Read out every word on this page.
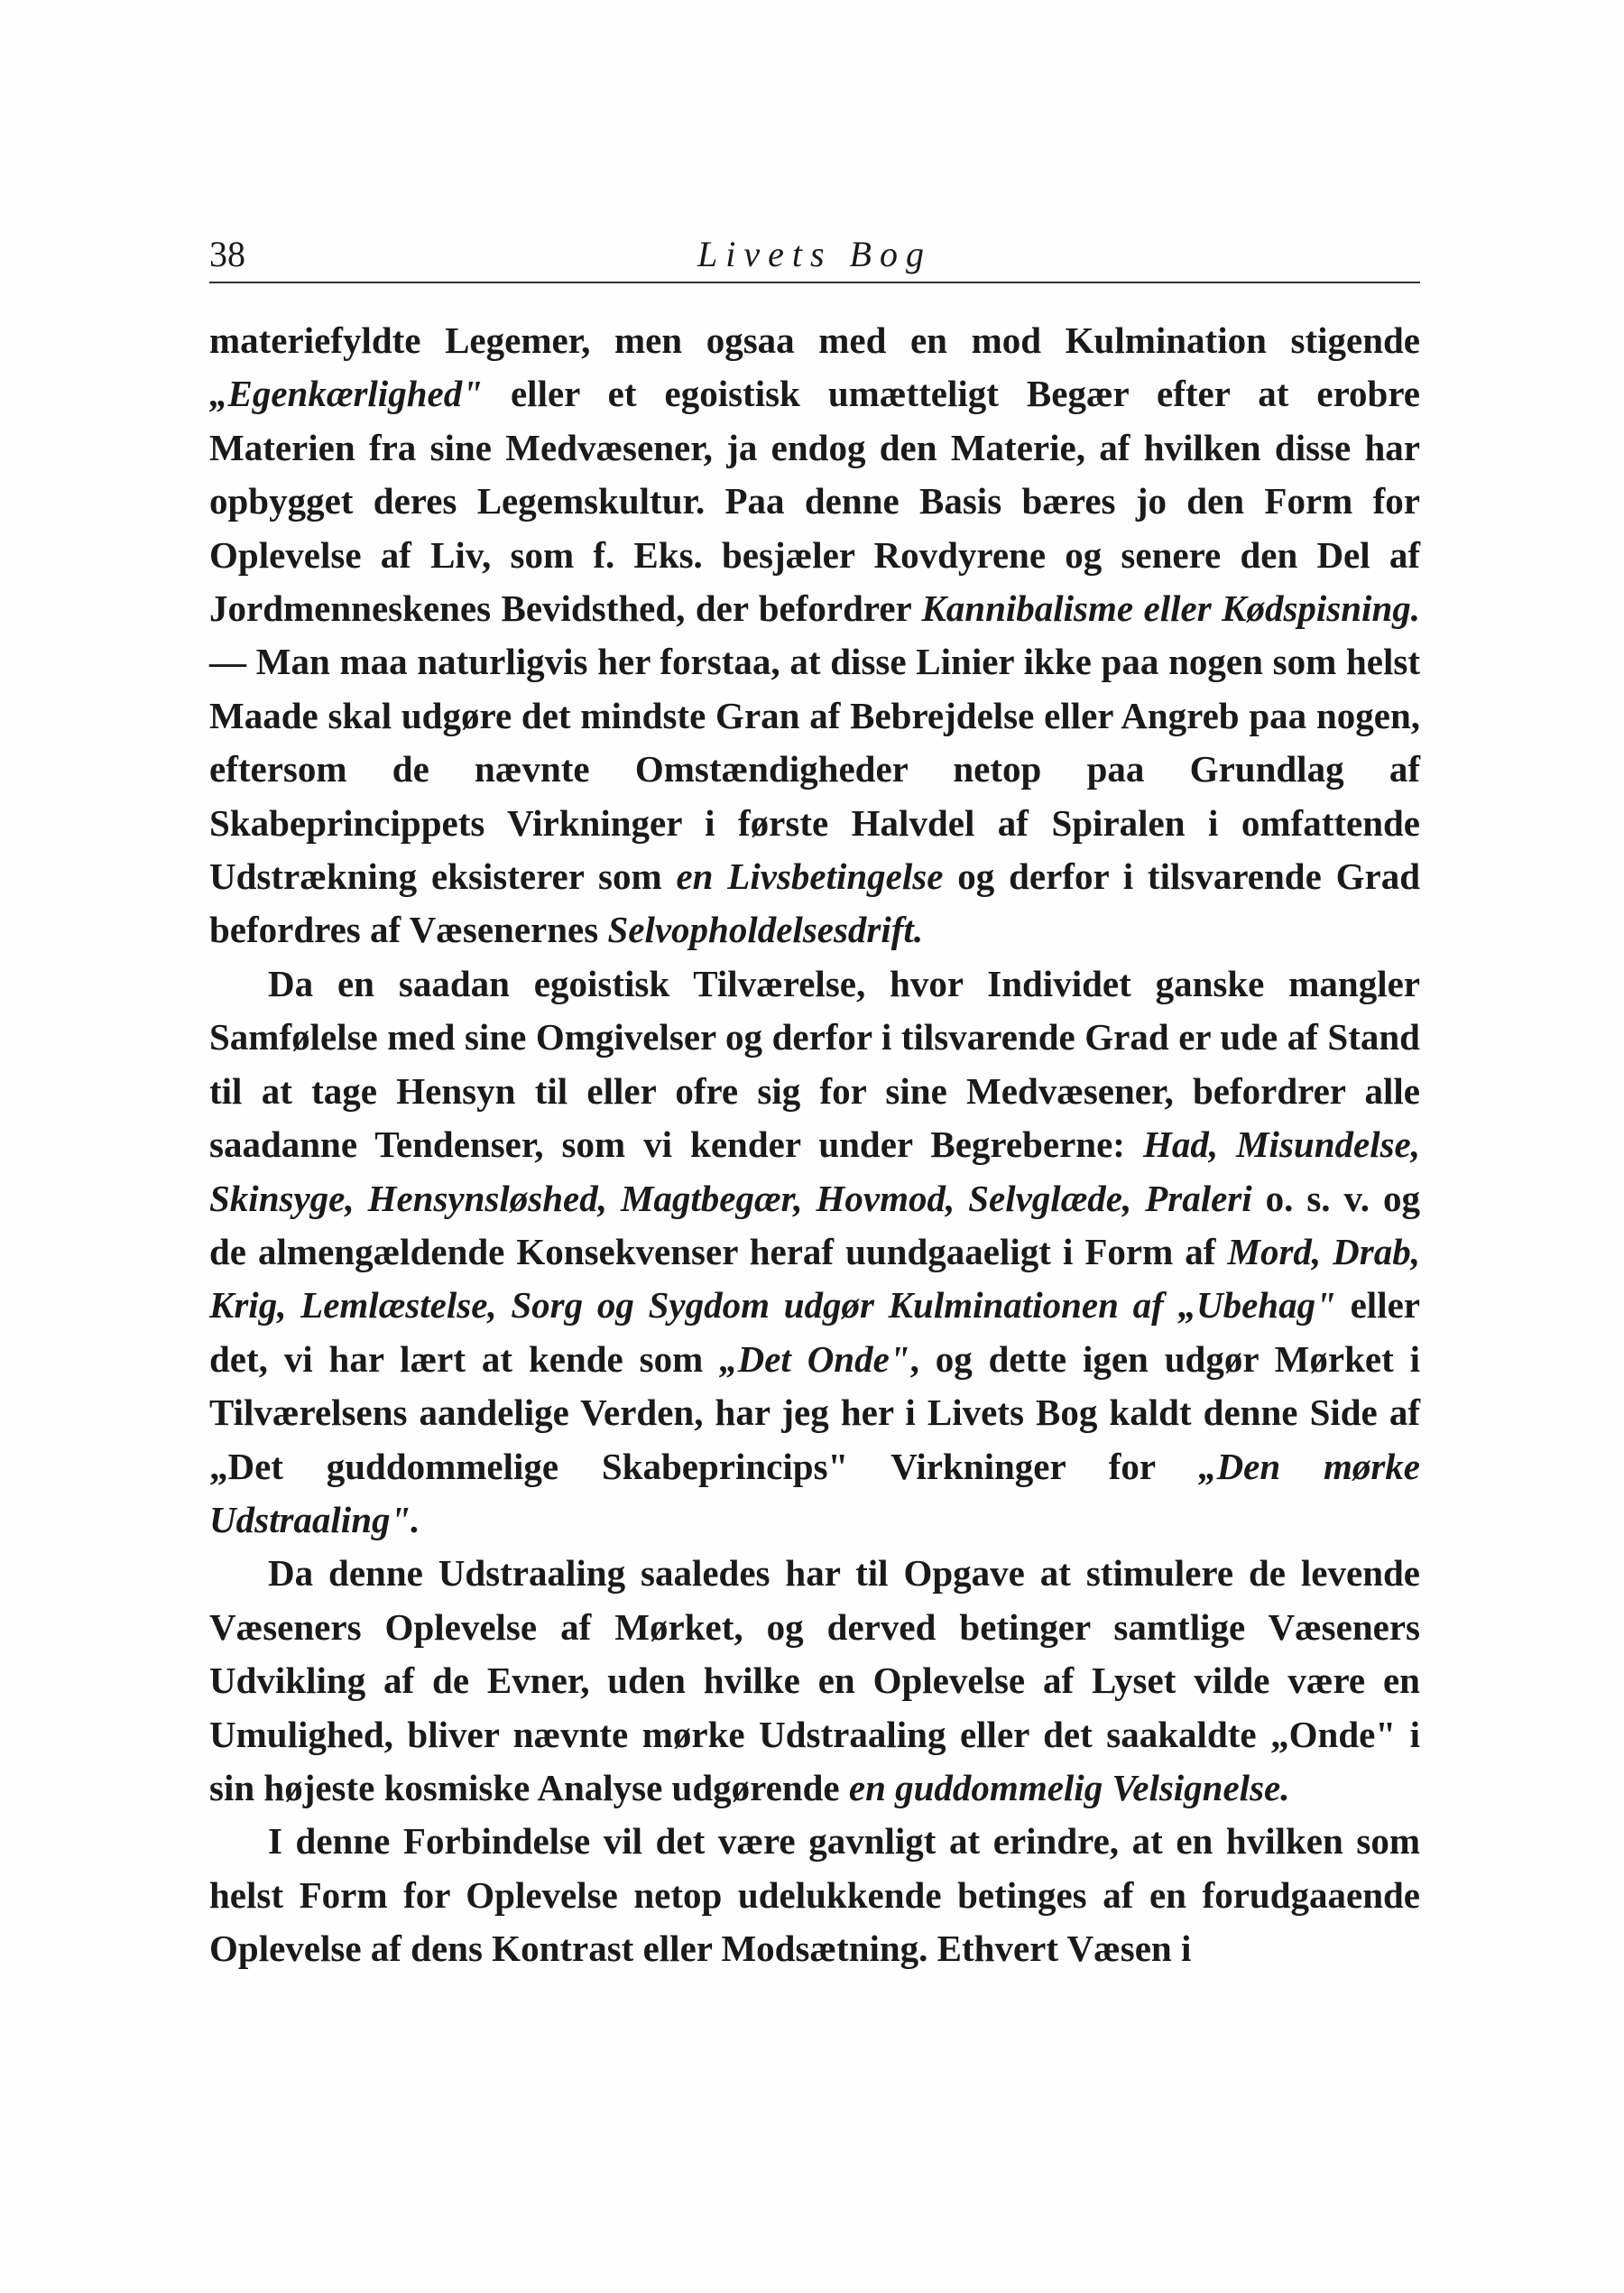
38	Livets Bog

materiefyldte Legemer, men ogsaa med en mod Kulmination stigende „Egenkærlighed" eller et egoistisk umætteligt Begær efter at erobre Materien fra sine Medvæsener, ja endog den Materie, af hvilken disse har opbygget deres Legemskultur. Paa denne Basis bæres jo den Form for Oplevelse af Liv, som f. Eks. besjæler Rovdyrene og senere den Del af Jordmenneskenes Bevidsthed, der befordrer Kannibalisme eller Kødspisning. — Man maa naturligvis her forstaa, at disse Linier ikke paa nogen som helst Maade skal udgøre det mindste Gran af Bebrejdelse eller Angreb paa nogen, eftersom de nævnte Omstændigheder netop paa Grundlag af Skabeprincippets Virkninger i første Halvdel af Spiralen i omfattende Udstrækning eksisterer som en Livsbetingelse og derfor i tilsvarende Grad befordres af Væsenernes Selvopholdelsesdrift.

Da en saadan egoistisk Tilværelse, hvor Individet ganske mangler Samfølelse med sine Omgivelser og derfor i tilsvarende Grad er ude af Stand til at tage Hensyn til eller ofre sig for sine Medvæsener, befordrer alle saadanne Tendenser, som vi kender under Begreberne: Had, Misundelse, Skinsyge, Hensynsløshed, Magtbegær, Hovmod, Selvglæde, Praleri o. s. v. og de almengældende Konsekvenser heraf uundgaaeligt i Form af Mord, Drab, Krig, Lemlæstelse, Sorg og Sygdom udgør Kulminationen af „Ubehag" eller det, vi har lært at kende som „Det Onde", og dette igen udgør Mørket i Tilværelsens aandelige Verden, har jeg her i Livets Bog kaldt denne Side af „Det guddommelige Skabeprincips" Virkninger for „Den mørke Udstraaling".

Da denne Udstraaling saaledes har til Opgave at stimulere de levende Væseners Oplevelse af Mørket, og derved betinger samtlige Væseners Udvikling af de Evner, uden hvilke en Oplevelse af Lyset vilde være en Umulighed, bliver nævnte mørke Udstraaling eller det saakaldte „Onde" i sin højeste kosmiske Analyse udgørende en guddommelig Velsignelse.

I denne Forbindelse vil det være gavnligt at erindre, at en hvilken som helst Form for Oplevelse netop udelukkende betinges af en forudgaaende Oplevelse af dens Kontrast eller Modsætning. Ethvert Væsen i
